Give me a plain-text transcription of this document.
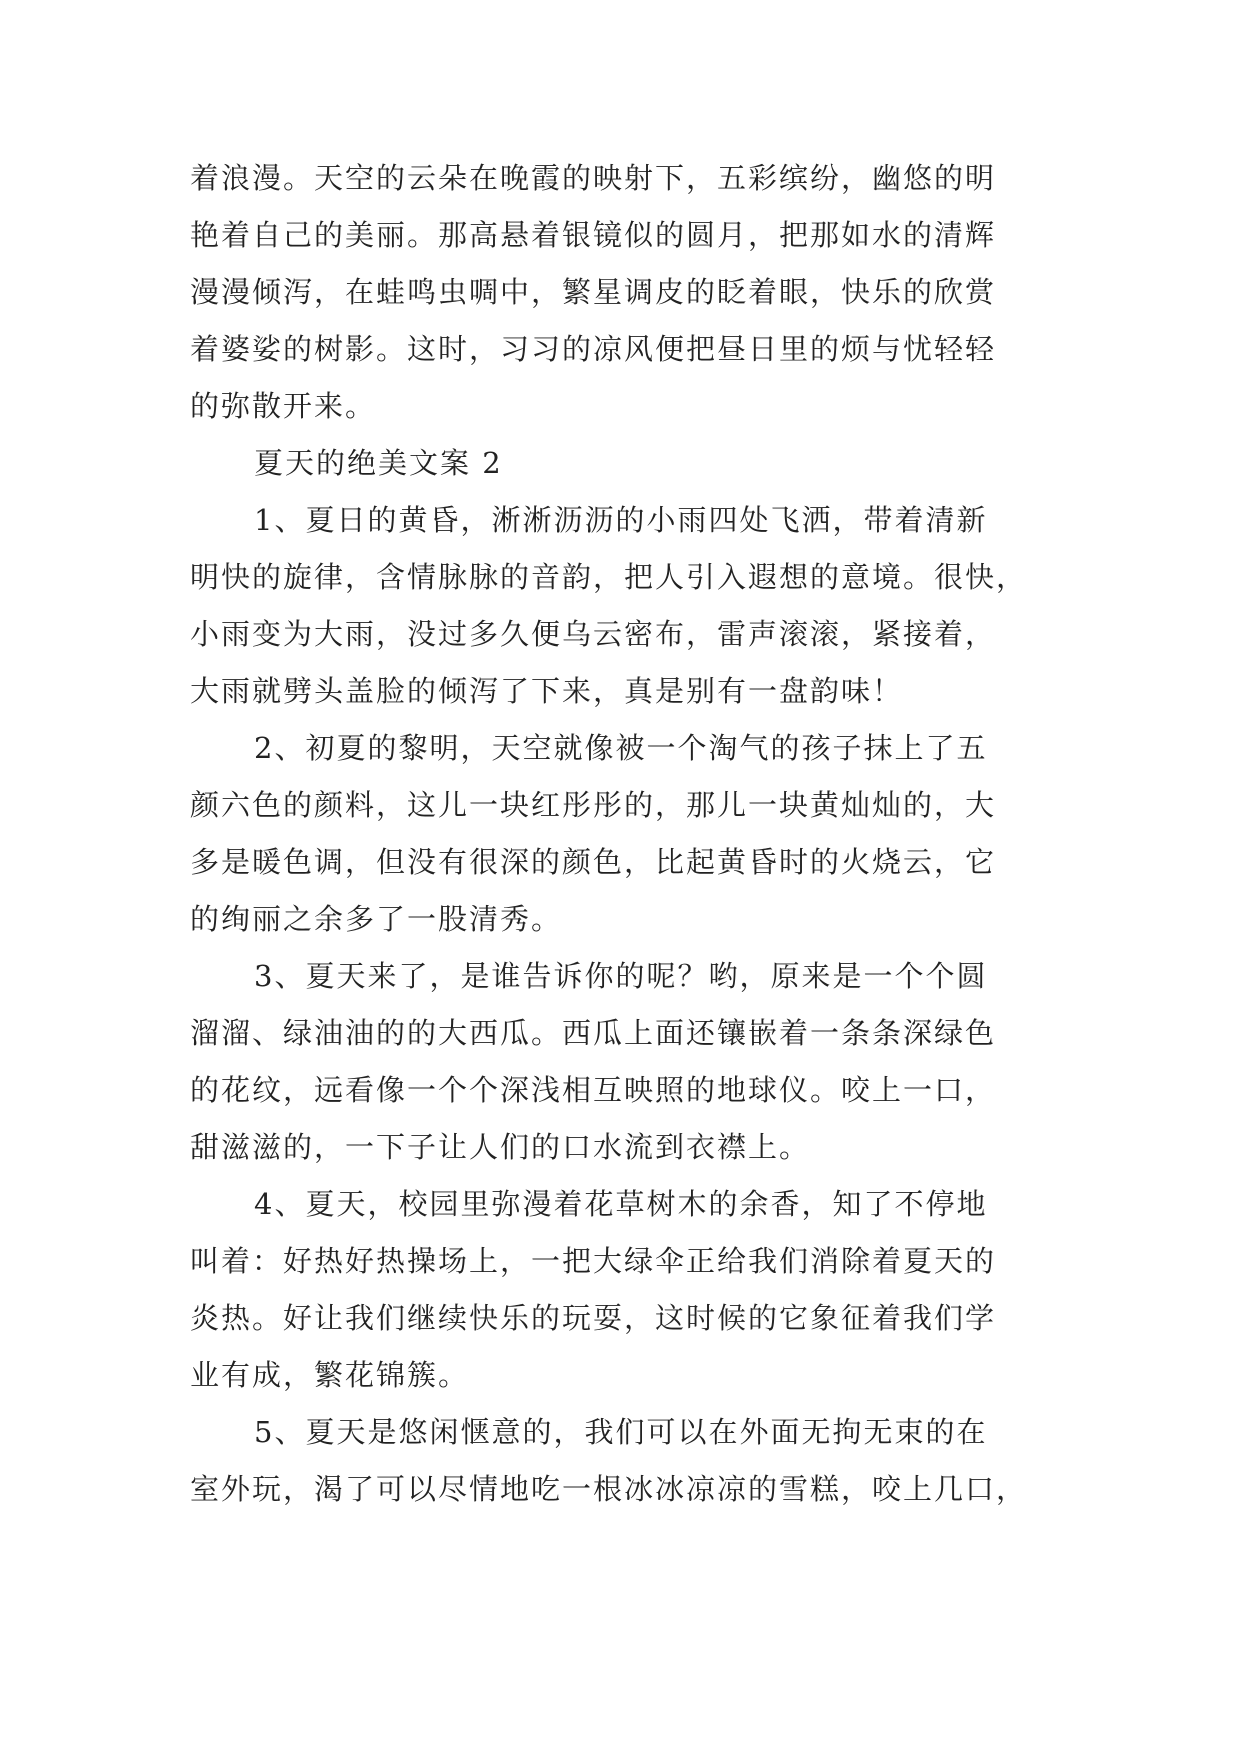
着浪漫。天空的云朵在晚霞的映射下，五彩缤纷，幽悠的明
艳着自己的美丽。那高悬着银镜似的圆月，把那如水的清辉
漫漫倾泻，在蛙鸣虫啁中，繁星调皮的眨着眼，快乐的欣赏
着婆娑的树影。这时，习习的凉风便把昼日里的烦与忧轻轻
的弥散开来。
夏天的绝美文案 2
1、夏日的黄昏，淅淅沥沥的小雨四处飞洒，带着清新
明快的旋律，含情脉脉的音韵，把人引入遐想的意境。很快，
小雨变为大雨，没过多久便乌云密布，雷声滚滚，紧接着，
大雨就劈头盖脸的倾泻了下来，真是别有一盘韵味！
2、初夏的黎明，天空就像被一个淘气的孩子抹上了五
颜六色的颜料，这儿一块红彤彤的，那儿一块黄灿灿的，大
多是暖色调，但没有很深的颜色，比起黄昏时的火烧云，它
的绚丽之余多了一股清秀。
3、夏天来了，是谁告诉你的呢？哟，原来是一个个圆
溜溜、绿油油的的大西瓜。西瓜上面还镶嵌着一条条深绿色
的花纹，远看像一个个深浅相互映照的地球仪。咬上一口，
甜滋滋的，一下子让人们的口水流到衣襟上。
4、夏天，校园里弥漫着花草树木的余香，知了不停地
叫着：好热好热操场上，一把大绿伞正给我们消除着夏天的
炎热。好让我们继续快乐的玩耍，这时候的它象征着我们学
业有成，繁花锦簇。
5、夏天是悠闲惬意的，我们可以在外面无拘无束的在
室外玩，渴了可以尽情地吃一根冰冰凉凉的雪糕，咬上几口，
